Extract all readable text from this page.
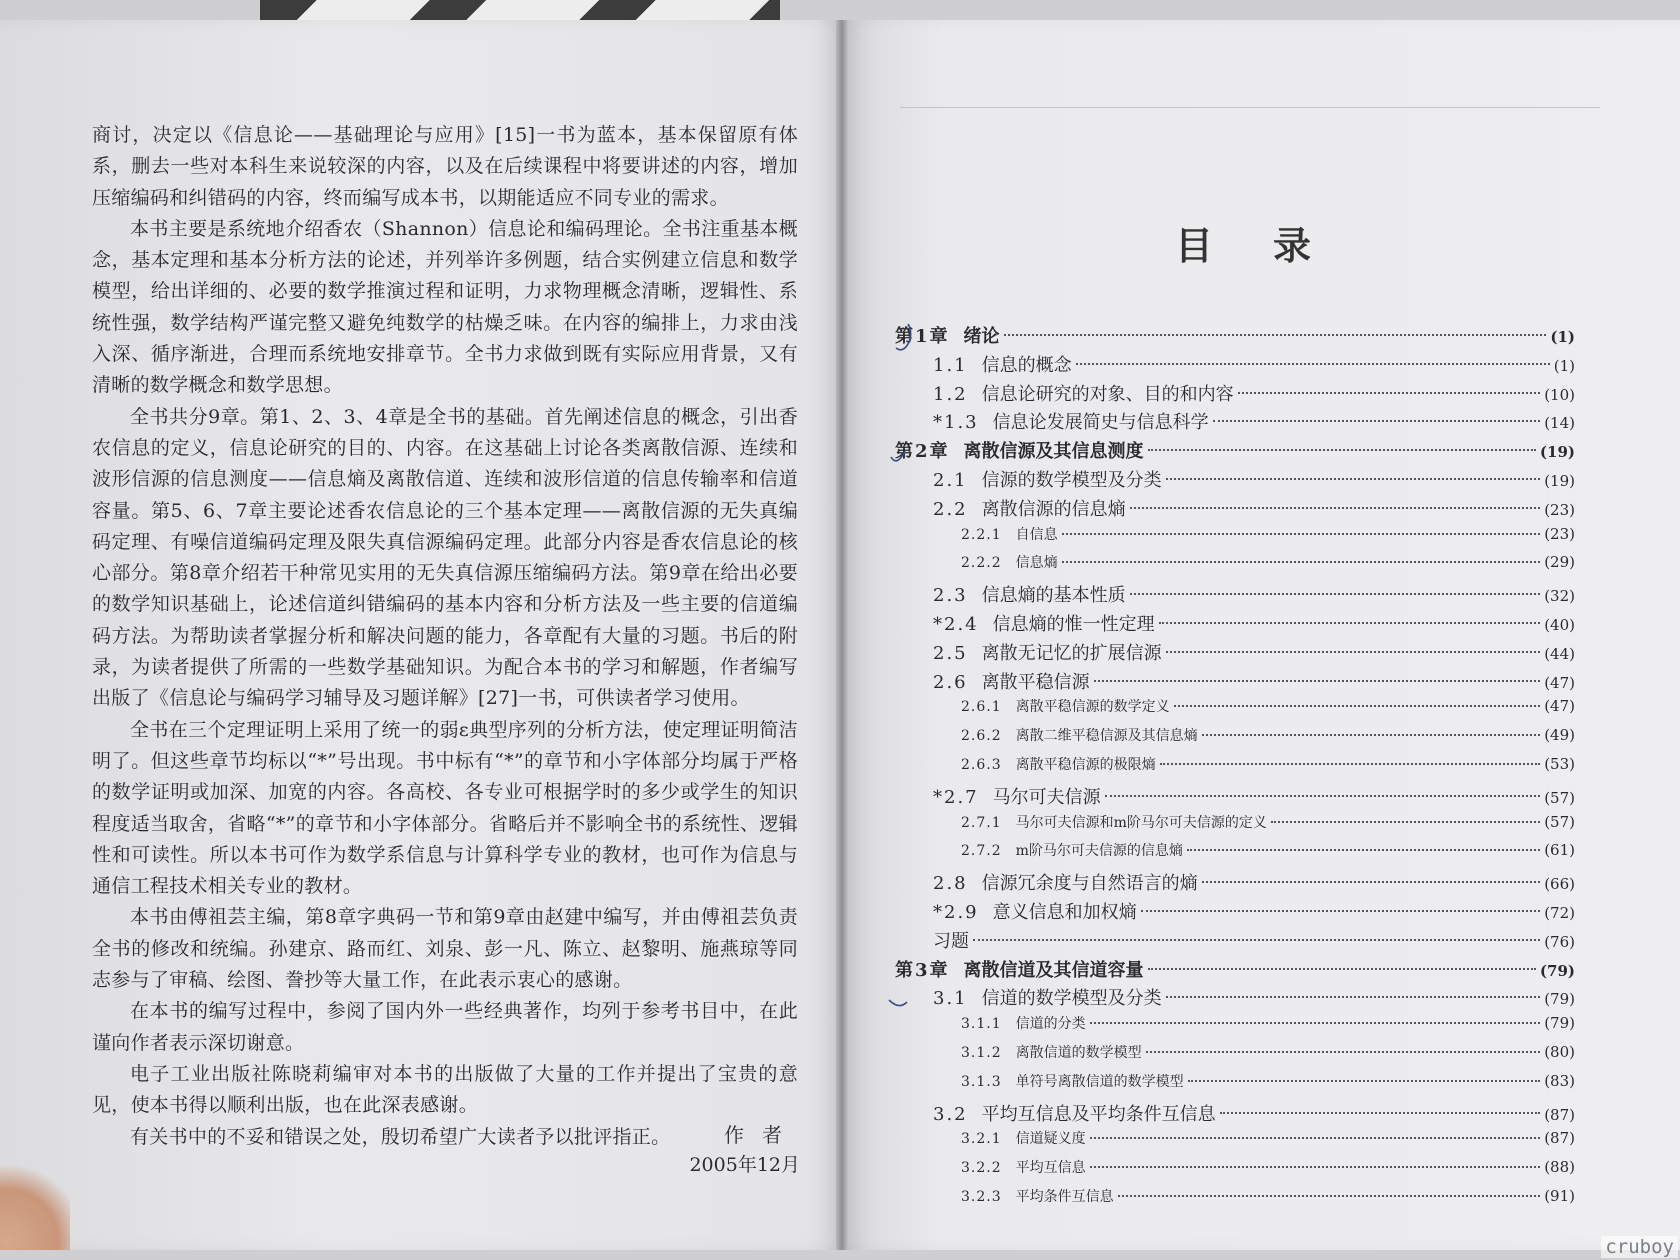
商讨，决定以《信息论——基础理论与应用》[15]一书为蓝本，基本保留原有体系，删去一些对本科生来说较深的内容，以及在后续课程中将要讲述的内容，增加压缩编码和纠错码的内容，终而编写成本书，以期能适应不同专业的需求。

本书主要是系统地介绍香农（Shannon）信息论和编码理论。全书注重基本概念，基本定理和基本分析方法的论述，并列举许多例题，结合实例建立信息和数学模型，给出详细的、必要的数学推演过程和证明，力求物理概念清晰，逻辑性、系统性强，数学结构严谨完整又避免纯数学的枯燥乏味。在内容的编排上，力求由浅入深、循序渐进，合理而系统地安排章节。全书力求做到既有实际应用背景，又有清晰的数学概念和数学思想。

全书共分9章。第1、2、3、4章是全书的基础。首先阐述信息的概念，引出香农信息的定义，信息论研究的目的、内容。在这基础上讨论各类离散信源、连续和波形信源的信息测度——信息熵及离散信道、连续和波形信道的信息传输率和信道容量。第5、6、7章主要论述香农信息论的三个基本定理——离散信源的无失真编码定理、有噪信道编码定理及限失真信源编码定理。此部分内容是香农信息论的核心部分。第8章介绍若干种常见实用的无失真信源压缩编码方法。第9章在给出必要的数学知识基础上，论述信道纠错编码的基本内容和分析方法及一些主要的信道编码方法。为帮助读者掌握分析和解决问题的能力，各章配有大量的习题。书后的附录，为读者提供了所需的一些数学基础知识。为配合本书的学习和解题，作者编写出版了《信息论与编码学习辅导及习题详解》[27]一书，可供读者学习使用。

全书在三个定理证明上采用了统一的弱ε典型序列的分析方法，使定理证明简洁明了。但这些章节均标以“*”号出现。书中标有“*”的章节和小字体部分均属于严格的数学证明或加深、加宽的内容。各高校、各专业可根据学时的多少或学生的知识程度适当取舍，省略“*”的章节和小字体部分。省略后并不影响全书的系统性、逻辑性和可读性。所以本书可作为数学系信息与计算科学专业的教材，也可作为信息与通信工程技术相关专业的教材。

本书由傅祖芸主编，第8章字典码一节和第9章由赵建中编写，并由傅祖芸负责全书的修改和统编。孙建京、路而红、刘泉、彭一凡、陈立、赵黎明、施燕琼等同志参与了审稿、绘图、誊抄等大量工作，在此表示衷心的感谢。

在本书的编写过程中，参阅了国内外一些经典著作，均列于参考书目中，在此谨向作者表示深切谢意。

电子工业出版社陈晓莉编审对本书的出版做了大量的工作并提出了宝贵的意见，使本书得以顺利出版，也在此深表感谢。

有关书中的不妥和错误之处，殷切希望广大读者予以批评指正。	作者
2005年12月
目录
第1章 绪论	(1)
1.1 信息的概念	(1)
1.2 信息论研究的对象、目的和内容	(10)
*1.3 信息论发展简史与信息科学	(14)
第2章 离散信源及其信息测度	(19)
2.1 信源的数学模型及分类	(19)
2.2 离散信源的信息熵	(23)
2.2.1 自信息	(23)
2.2.2 信息熵	(29)
2.3 信息熵的基本性质	(32)
*2.4 信息熵的惟一性定理	(40)
2.5 离散无记忆的扩展信源	(44)
2.6 离散平稳信源	(47)
2.6.1 离散平稳信源的数学定义	(47)
2.6.2 离散二维平稳信源及其信息熵	(49)
2.6.3 离散平稳信源的极限熵	(53)
*2.7 马尔可夫信源	(57)
2.7.1 马尔可夫信源和m阶马尔可夫信源的定义	(57)
2.7.2 m阶马尔可夫信源的信息熵	(61)
2.8 信源冗余度与自然语言的熵	(66)
*2.9 意义信息和加权熵	(72)
习题	(76)
第3章 离散信道及其信道容量	(79)
3.1 信道的数学模型及分类	(79)
3.1.1 信道的分类	(79)
3.1.2 离散信道的数学模型	(80)
3.1.3 单符号离散信道的数学模型	(83)
3.2 平均互信息及平均条件互信息	(87)
3.2.1 信道疑义度	(87)
3.2.2 平均互信息	(88)
3.2.3 平均条件互信息	(91)
cruboy
